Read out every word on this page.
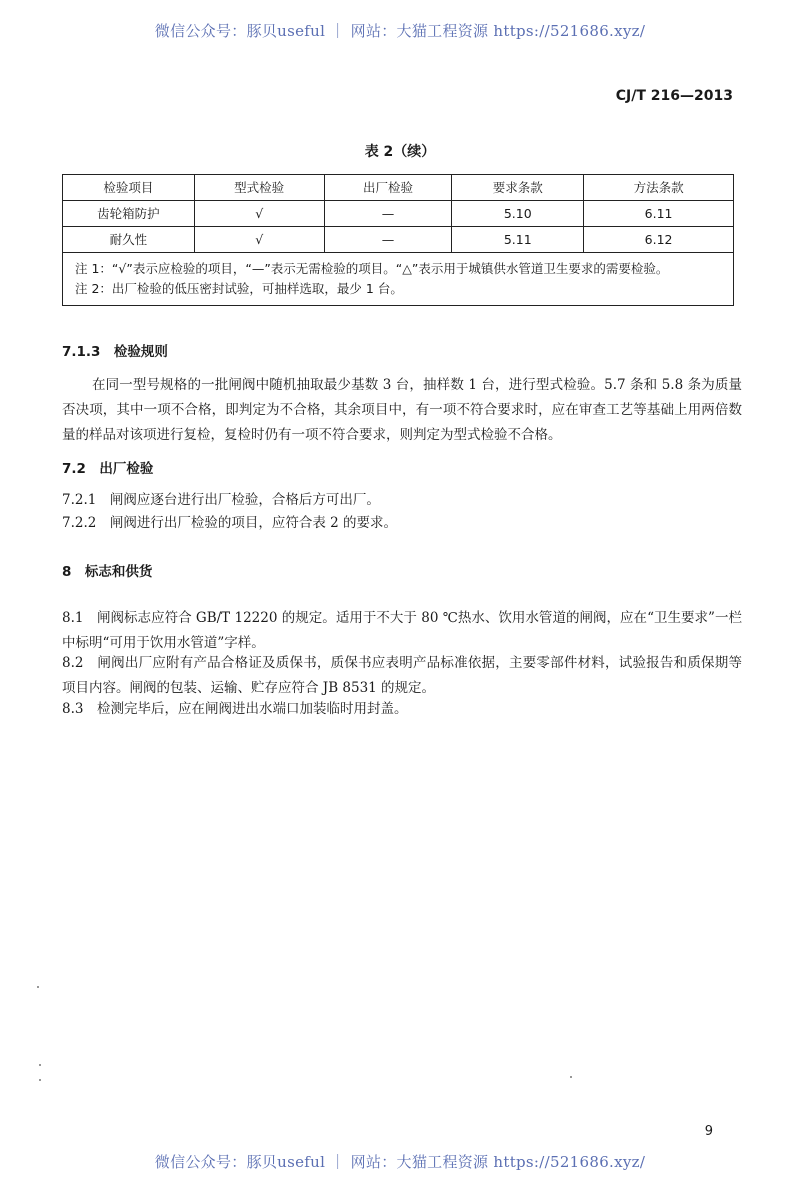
微信公众号：豚贝useful ｜ 网站：大猫工程资源 https://521686.xyz/
CJ/T 216—2013
表 2（续）
检验项目	型式检验	出厂检验	要求条款	方法条款
齿轮箱防护	√	—	5.10	6.11
耐久性	√	—	5.11	6.12

注 1：“√”表示应检验的项目，“—”表示无需检验的项目。“△”表示用于城镇供水管道卫生要求的需要检验。
注 2：出厂检验的低压密封试验，可抽样选取，最少 1 台。				
7.1.3　检验规则
在同一型号规格的一批闸阀中随机抽取最少基数 3 台，抽样数 1 台，进行型式检验。5.7 条和 5.8 条为质量否决项，其中一项不合格，即判定为不合格，其余项目中，有一项不符合要求时，应在审查工艺等基础上用两倍数量的样品对该项进行复检，复检时仍有一项不符合要求，则判定为型式检验不合格。
7.2　出厂检验
7.2.1　闸阀应逐台进行出厂检验，合格后方可出厂。
7.2.2　闸阀进行出厂检验的项目，应符合表 2 的要求。
8　标志和供货
8.1　闸阀标志应符合 GB/T 12220 的规定。适用于不大于 80 ℃热水、饮用水管道的闸阀，应在“卫生要求”一栏中标明“可用于饮用水管道”字样。
8.2　闸阀出厂应附有产品合格证及质保书，质保书应表明产品标准依据，主要零部件材料，试验报告和质保期等项目内容。闸阀的包装、运输、贮存应符合 JB 8531 的规定。
8.3　检测完毕后，应在闸阀进出水端口加装临时用封盖。
9
微信公众号：豚贝useful ｜ 网站：大猫工程资源 https://521686.xyz/
